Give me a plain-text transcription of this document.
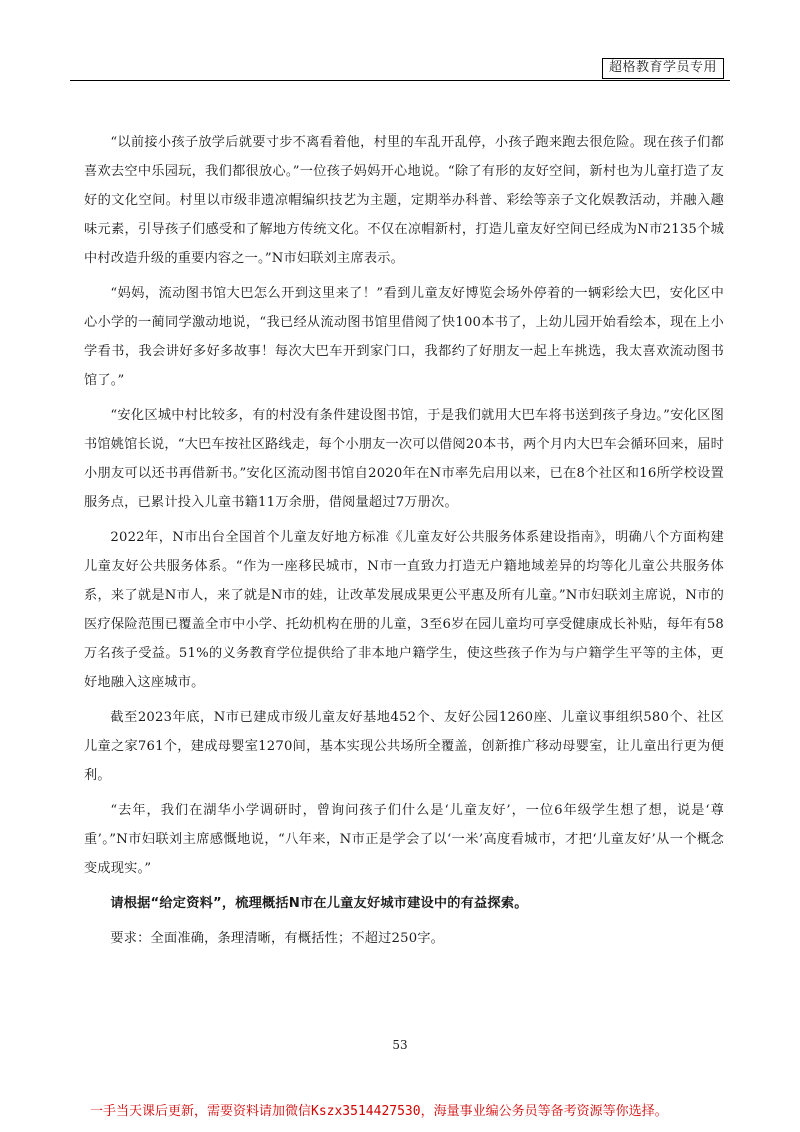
超格教育学员专用

“以前接小孩子放学后就要寸步不离看着他，村里的车乱开乱停，小孩子跑来跑去很危险。现在孩子们都喜欢去空中乐园玩，我们都很放心。”一位孩子妈妈开心地说。“除了有形的友好空间，新村也为儿童打造了友好的文化空间。村里以市级非遗凉帽编织技艺为主题，定期举办科普、彩绘等亲子文化娱教活动，并融入趣味元素，引导孩子们感受和了解地方传统文化。不仅在凉帽新村，打造儿童友好空间已经成为N市2135个城中村改造升级的重要内容之一。”N市妇联刘主席表示。

“妈妈，流动图书馆大巴怎么开到这里来了！”看到儿童友好博览会场外停着的一辆彩绘大巴，安化区中心小学的一蔺同学激动地说，“我已经从流动图书馆里借阅了快100本书了，上幼儿园开始看绘本，现在上小学看书，我会讲好多好多故事！每次大巴车开到家门口，我都约了好朋友一起上车挑选，我太喜欢流动图书馆了。”

“安化区城中村比较多，有的村没有条件建设图书馆，于是我们就用大巴车将书送到孩子身边。”安化区图书馆姚馆长说，“大巴车按社区路线走，每个小朋友一次可以借阅20本书，两个月内大巴车会循环回来，届时小朋友可以还书再借新书。”安化区流动图书馆自2020年在N市率先启用以来，已在8个社区和16所学校设置服务点，已累计投入儿童书籍11万余册，借阅量超过7万册次。

2022年，N市出台全国首个儿童友好地方标准《儿童友好公共服务体系建设指南》，明确八个方面构建儿童友好公共服务体系。“作为一座移民城市，N市一直致力打造无户籍地域差异的均等化儿童公共服务体系，来了就是N市人，来了就是N市的娃，让改革发展成果更公平惠及所有儿童。”N市妇联刘主席说，N市的医疗保险范围已覆盖全市中小学、托幼机构在册的儿童，3至6岁在园儿童均可享受健康成长补贴，每年有58万名孩子受益。51%的义务教育学位提供给了非本地户籍学生，使这些孩子作为与户籍学生平等的主体，更好地融入这座城市。

截至2023年底，N市已建成市级儿童友好基地452个、友好公园1260座、儿童议事组织580个、社区儿童之家761个，建成母婴室1270间，基本实现公共场所全覆盖，创新推广移动母婴室，让儿童出行更为便利。

“去年，我们在湖华小学调研时，曾询问孩子们什么是‘儿童友好’，一位6年级学生想了想，说是‘尊重’。”N市妇联刘主席感慨地说，“八年来，N市正是学会了以‘一米’高度看城市，才把‘儿童友好’从一个概念变成现实。”

请根据“给定资料”，梳理概括N市在儿童友好城市建设中的有益探索。

要求：全面准确，条理清晰，有概括性；不超过250字。

53
一手当天课后更新，需要资料请加微信Kszx3514427530，海量事业编公务员等备考资源等你选择。
